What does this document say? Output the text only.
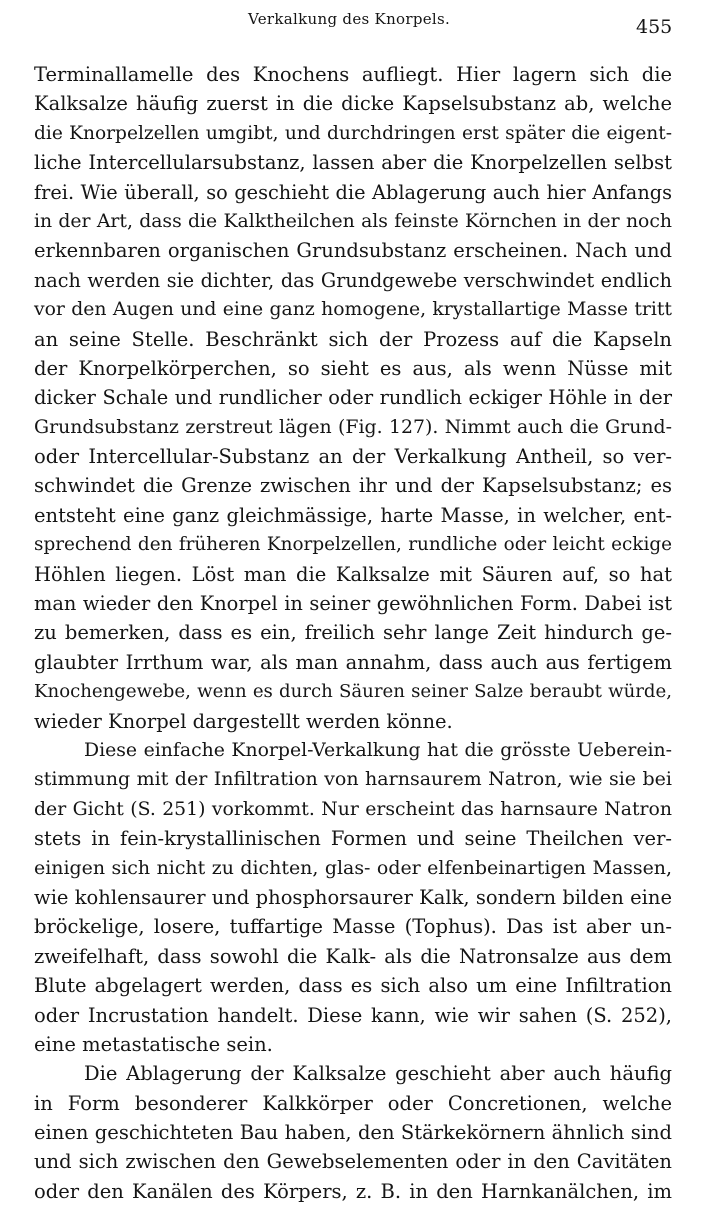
Verkalkung des Knorpels.	455
Terminallamelle des Knochens aufliegt. Hier lagern sich die
Kalksalze häufig zuerst in die dicke Kapselsubstanz ab, welche
die Knorpelzellen umgibt, und durchdringen erst später die eigent-
liche Intercellularsubstanz, lassen aber die Knorpelzellen selbst
frei. Wie überall, so geschieht die Ablagerung auch hier Anfangs
in der Art, dass die Kalktheilchen als feinste Körnchen in der noch
erkennbaren organischen Grundsubstanz erscheinen. Nach und
nach werden sie dichter, das Grundgewebe verschwindet endlich
vor den Augen und eine ganz homogene, krystallartige Masse tritt
an seine Stelle. Beschränkt sich der Prozess auf die Kapseln
der Knorpelkörperchen, so sieht es aus, als wenn Nüsse mit
dicker Schale und rundlicher oder rundlich eckiger Höhle in der
Grundsubstanz zerstreut lägen (Fig. 127). Nimmt auch die Grund-
oder Intercellular-Substanz an der Verkalkung Antheil, so ver-
schwindet die Grenze zwischen ihr und der Kapselsubstanz; es
entsteht eine ganz gleichmässige, harte Masse, in welcher, ent-
sprechend den früheren Knorpelzellen, rundliche oder leicht eckige
Höhlen liegen. Löst man die Kalksalze mit Säuren auf, so hat
man wieder den Knorpel in seiner gewöhnlichen Form. Dabei ist
zu bemerken, dass es ein, freilich sehr lange Zeit hindurch ge-
glaubter Irrthum war, als man annahm, dass auch aus fertigem
Knochengewebe, wenn es durch Säuren seiner Salze beraubt würde,
wieder Knorpel dargestellt werden könne.
Diese einfache Knorpel-Verkalkung hat die grösste Ueberein-
stimmung mit der Infiltration von harnsaurem Natron, wie sie bei
der Gicht (S. 251) vorkommt. Nur erscheint das harnsaure Natron
stets in fein-krystallinischen Formen und seine Theilchen ver-
einigen sich nicht zu dichten, glas- oder elfenbeinartigen Massen,
wie kohlensaurer und phosphorsaurer Kalk, sondern bilden eine
bröckelige, losere, tuffartige Masse (Tophus). Das ist aber un-
zweifelhaft, dass sowohl die Kalk- als die Natronsalze aus dem
Blute abgelagert werden, dass es sich also um eine Infiltration
oder Incrustation handelt. Diese kann, wie wir sahen (S. 252),
eine metastatische sein.
Die Ablagerung der Kalksalze geschieht aber auch häufig
in Form besonderer Kalkkörper oder Concretionen, welche
einen geschichteten Bau haben, den Stärkekörnern ähnlich sind
und sich zwischen den Gewebselementen oder in den Cavitäten
oder den Kanälen des Körpers, z. B. in den Harnkanälchen, im
